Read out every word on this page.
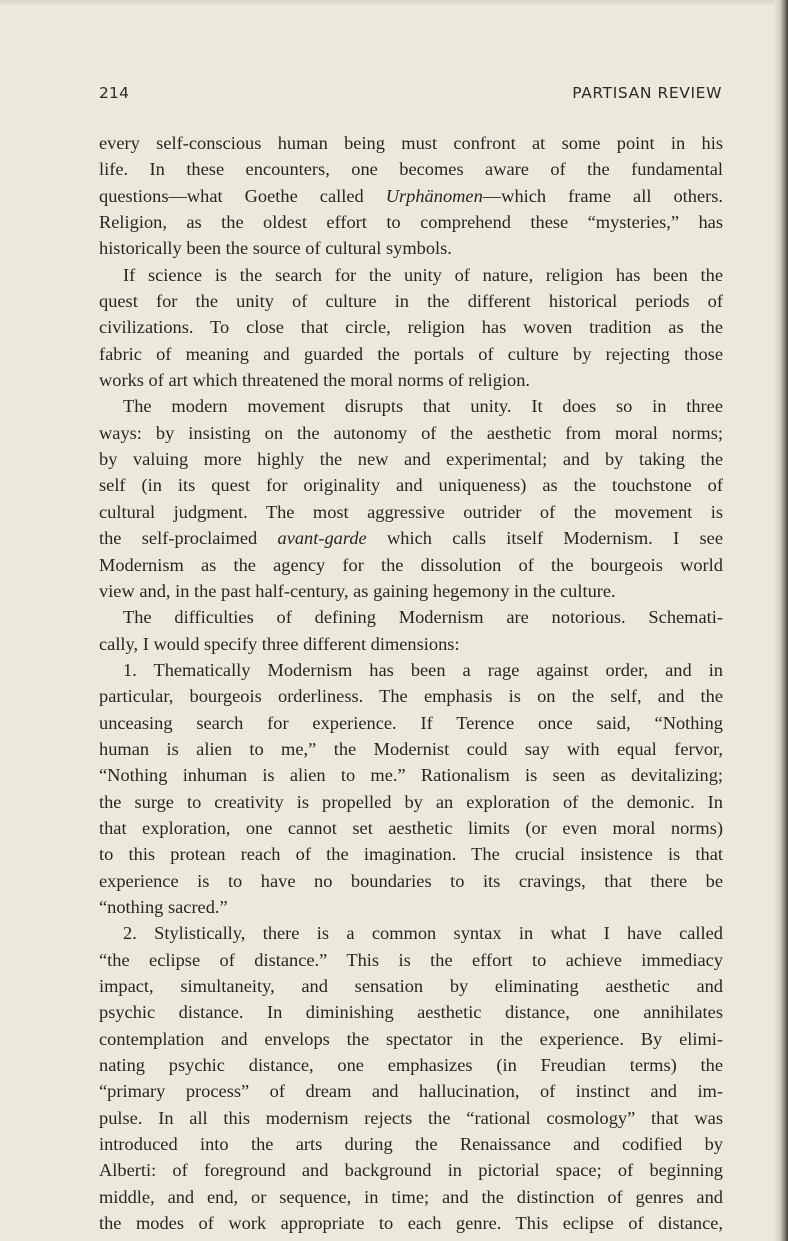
214	PARTISAN REVIEW
every self-conscious human being must confront at some point in his
life. In these encounters, one becomes aware of the fundamental
questions—what Goethe called Urphänomen—which frame all others.
Religion, as the oldest effort to comprehend these “mysteries,” has
historically been the source of cultural symbols.
If science is the search for the unity of nature, religion has been the
quest for the unity of culture in the different historical periods of
civilizations. To close that circle, religion has woven tradition as the
fabric of meaning and guarded the portals of culture by rejecting those
works of art which threatened the moral norms of religion.
The modern movement disrupts that unity. It does so in three
ways: by insisting on the autonomy of the aesthetic from moral norms;
by valuing more highly the new and experimental; and by taking the
self (in its quest for originality and uniqueness) as the touchstone of
cultural judgment. The most aggressive outrider of the movement is
the self-proclaimed avant-garde which calls itself Modernism. I see
Modernism as the agency for the dissolution of the bourgeois world
view and, in the past half-century, as gaining hegemony in the culture.
The difficulties of defining Modernism are notorious. Schemati-
cally, I would specify three different dimensions:
1. Thematically Modernism has been a rage against order, and in
particular, bourgeois orderliness. The emphasis is on the self, and the
unceasing search for experience. If Terence once said, “Nothing
human is alien to me,” the Modernist could say with equal fervor,
“Nothing inhuman is alien to me.” Rationalism is seen as devitalizing;
the surge to creativity is propelled by an exploration of the demonic. In
that exploration, one cannot set aesthetic limits (or even moral norms)
to this protean reach of the imagination. The crucial insistence is that
experience is to have no boundaries to its cravings, that there be
“nothing sacred.”
2. Stylistically, there is a common syntax in what I have called
“the eclipse of distance.” This is the effort to achieve immediacy
impact, simultaneity, and sensation by eliminating aesthetic and
psychic distance. In diminishing aesthetic distance, one annihilates
contemplation and envelops the spectator in the experience. By elimi-
nating psychic distance, one emphasizes (in Freudian terms) the
“primary process” of dream and hallucination, of instinct and im-
pulse. In all this modernism rejects the “rational cosmology” that was
introduced into the arts during the Renaissance and codified by
Alberti: of foreground and background in pictorial space; of beginning
middle, and end, or sequence, in time; and the distinction of genres and
the modes of work appropriate to each genre. This eclipse of distance,
